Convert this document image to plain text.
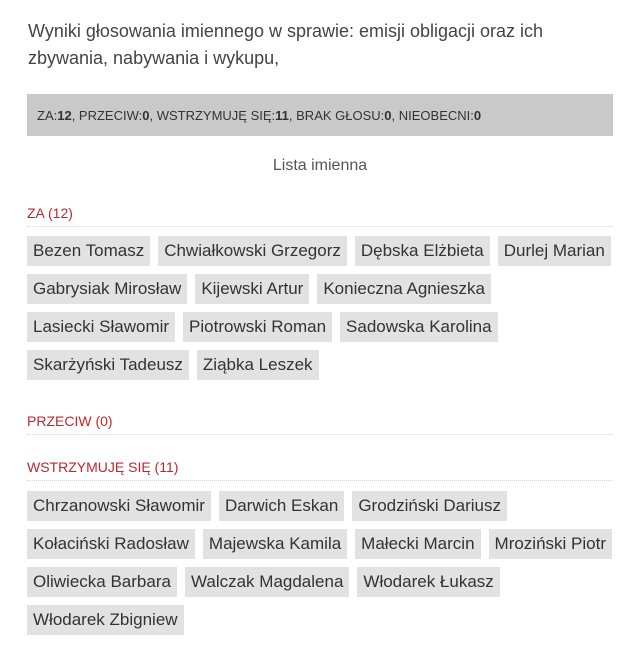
Wyniki głosowania imiennego w sprawie: emisji obligacji oraz ich zbywania, nabywania i wykupu,
ZA: 12 , PRZECIW: 0 , WSTRZYMUJĘ SIĘ: 11 , BRAK GŁOSU: 0 , NIEOBECNI: 0
Lista imienna
ZA (12)
Bezen Tomasz	Chwiałkowski Grzegorz	Dębska Elżbieta	Durlej Marian
Gabrysiak Mirosław	Kijewski Artur	Konieczna Agnieszka
Lasiecki Sławomir	Piotrowski Roman	Sadowska Karolina
Skarżyński Tadeusz	Ziąbka Leszek
PRZECIW (0)
WSTRZYMUJĘ SIĘ (11)
Chrzanowski Sławomir	Darwich Eskan	Grodziński Dariusz
Kołaciński Radosław	Majewska Kamila	Małecki Marcin	Mroziński Piotr
Oliwiecka Barbara	Walczak Magdalena	Włodarek Łukasz
Włodarek Zbigniew
